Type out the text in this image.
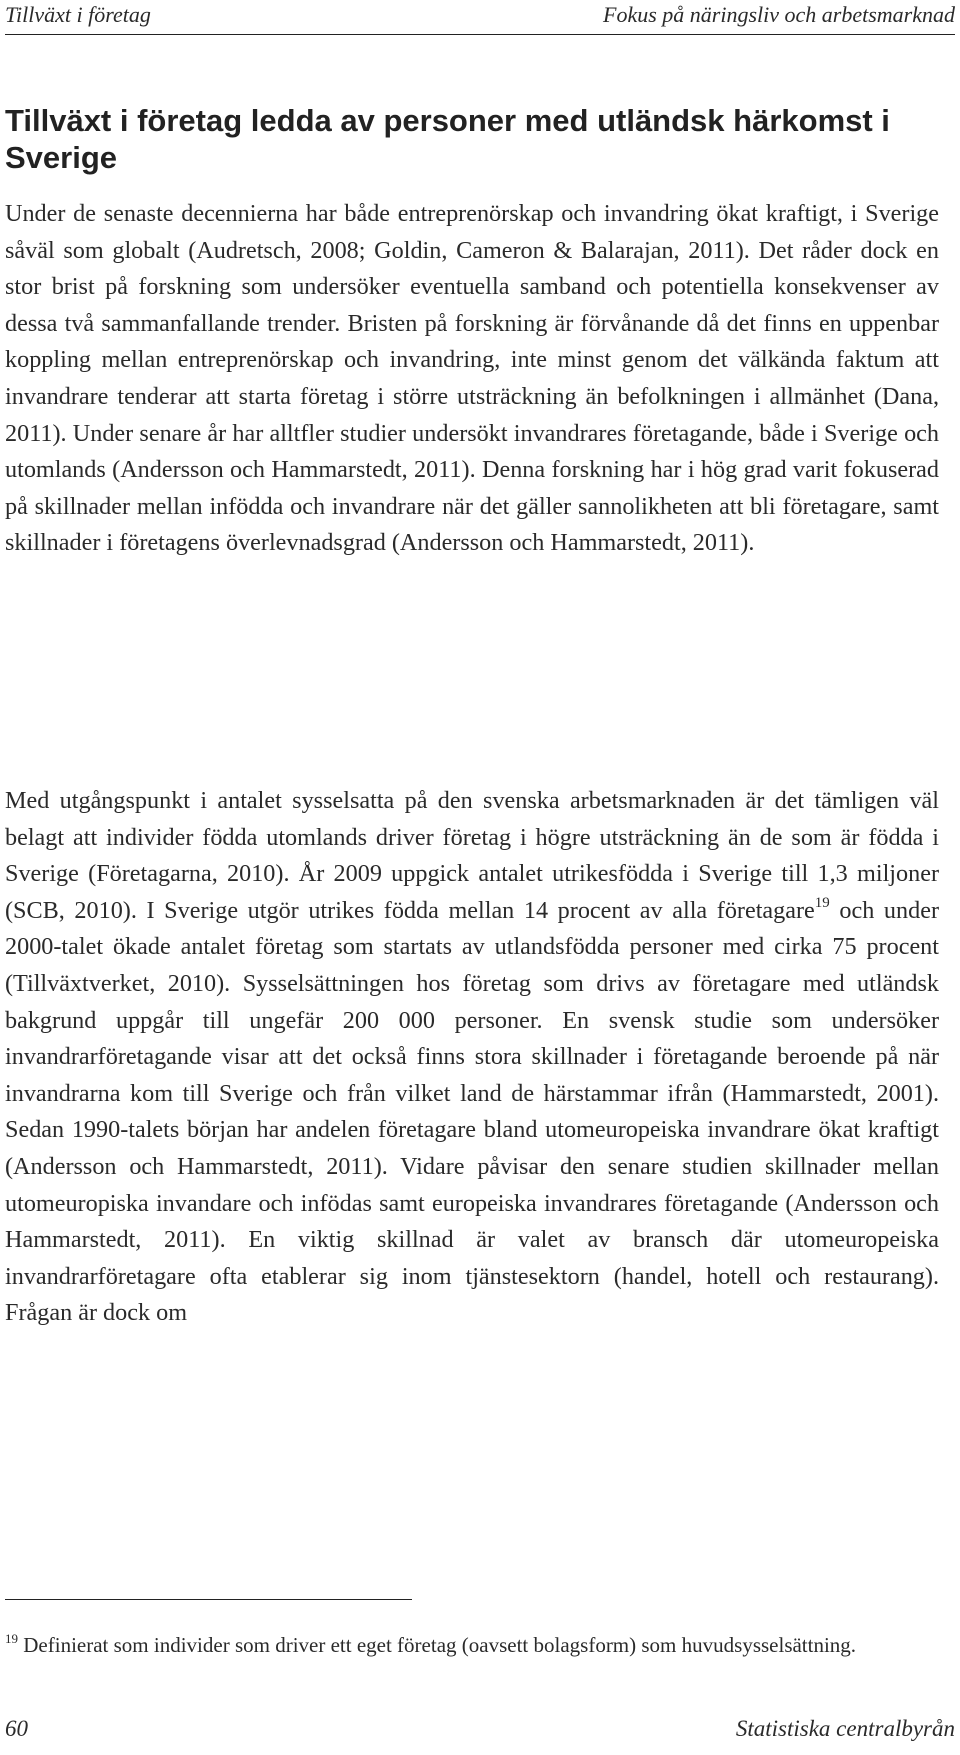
Tillväxt i företag	Fokus på näringsliv och arbetsmarknad
Tillväxt i företag ledda av personer med utländsk härkomst i Sverige

Under de senaste decennierna har både entreprenörskap och invandring ökat kraftigt, i Sverige såväl som globalt (Audretsch, 2008; Goldin, Cameron & Balarajan, 2011). Det råder dock en stor brist på forskning som undersöker eventuella samband och potentiella konsekvenser av dessa två sammanfallande trender. Bristen på forskning är förvånande då det finns en uppenbar koppling mellan entreprenörskap och invandring, inte minst genom det välkända faktum att invandrare tenderar att starta företag i större utsträckning än befolkningen i allmänhet (Dana, 2011). Under senare år har alltfler studier undersökt invandrares företagande, både i Sverige och utomlands (Andersson och Hammarstedt, 2011). Denna forskning har i hög grad varit fokuserad på skillnader mellan infödda och invandrare när det gäller sannolikheten att bli företagare, samt skillnader i företagens överlevnadsgrad (Andersson och Hammarstedt, 2011).

Med utgångspunkt i antalet sysselsatta på den svenska arbetsmarknaden är det tämligen väl belagt att individer födda utomlands driver företag i högre utsträckning än de som är födda i Sverige (Företagarna, 2010). År 2009 uppgick antalet utrikesfödda i Sverige till 1,3 miljoner (SCB, 2010). I Sverige utgör utrikes födda mellan 14 procent av alla företagare$^{19}$ och under 2000-talet ökade antalet företag som startats av utlandsfödda personer med cirka 75 procent (Tillväxtverket, 2010). Sysselsättningen hos företag som drivs av företagare med utländsk bakgrund uppgår till ungefär 200 000 personer. En svensk studie som undersöker invandrarföretagande visar att det också finns stora skillnader i företagande beroende på när invandrarna kom till Sverige och från vilket land de härstammar ifrån (Hammarstedt, 2001). Sedan 1990-talets början har andelen företagare bland utomeuropeiska invandrare ökat kraftigt (Andersson och Hammarstedt, 2011). Vidare påvisar den senare studien skillnader mellan utomeuropiska invandare och infödas samt europeiska invandrares företagande (Andersson och Hammarstedt, 2011). En viktig skillnad är valet av bransch där utomeuropeiska invandrarföretagare ofta etablerar sig inom tjänstesektorn (handel, hotell och restaurang). Frågan är dock om

$^{19}$ Definierat som individer som driver ett eget företag (oavsett bolagsform) som huvudsysselsättning.

60	Statistiska centralbyrån
